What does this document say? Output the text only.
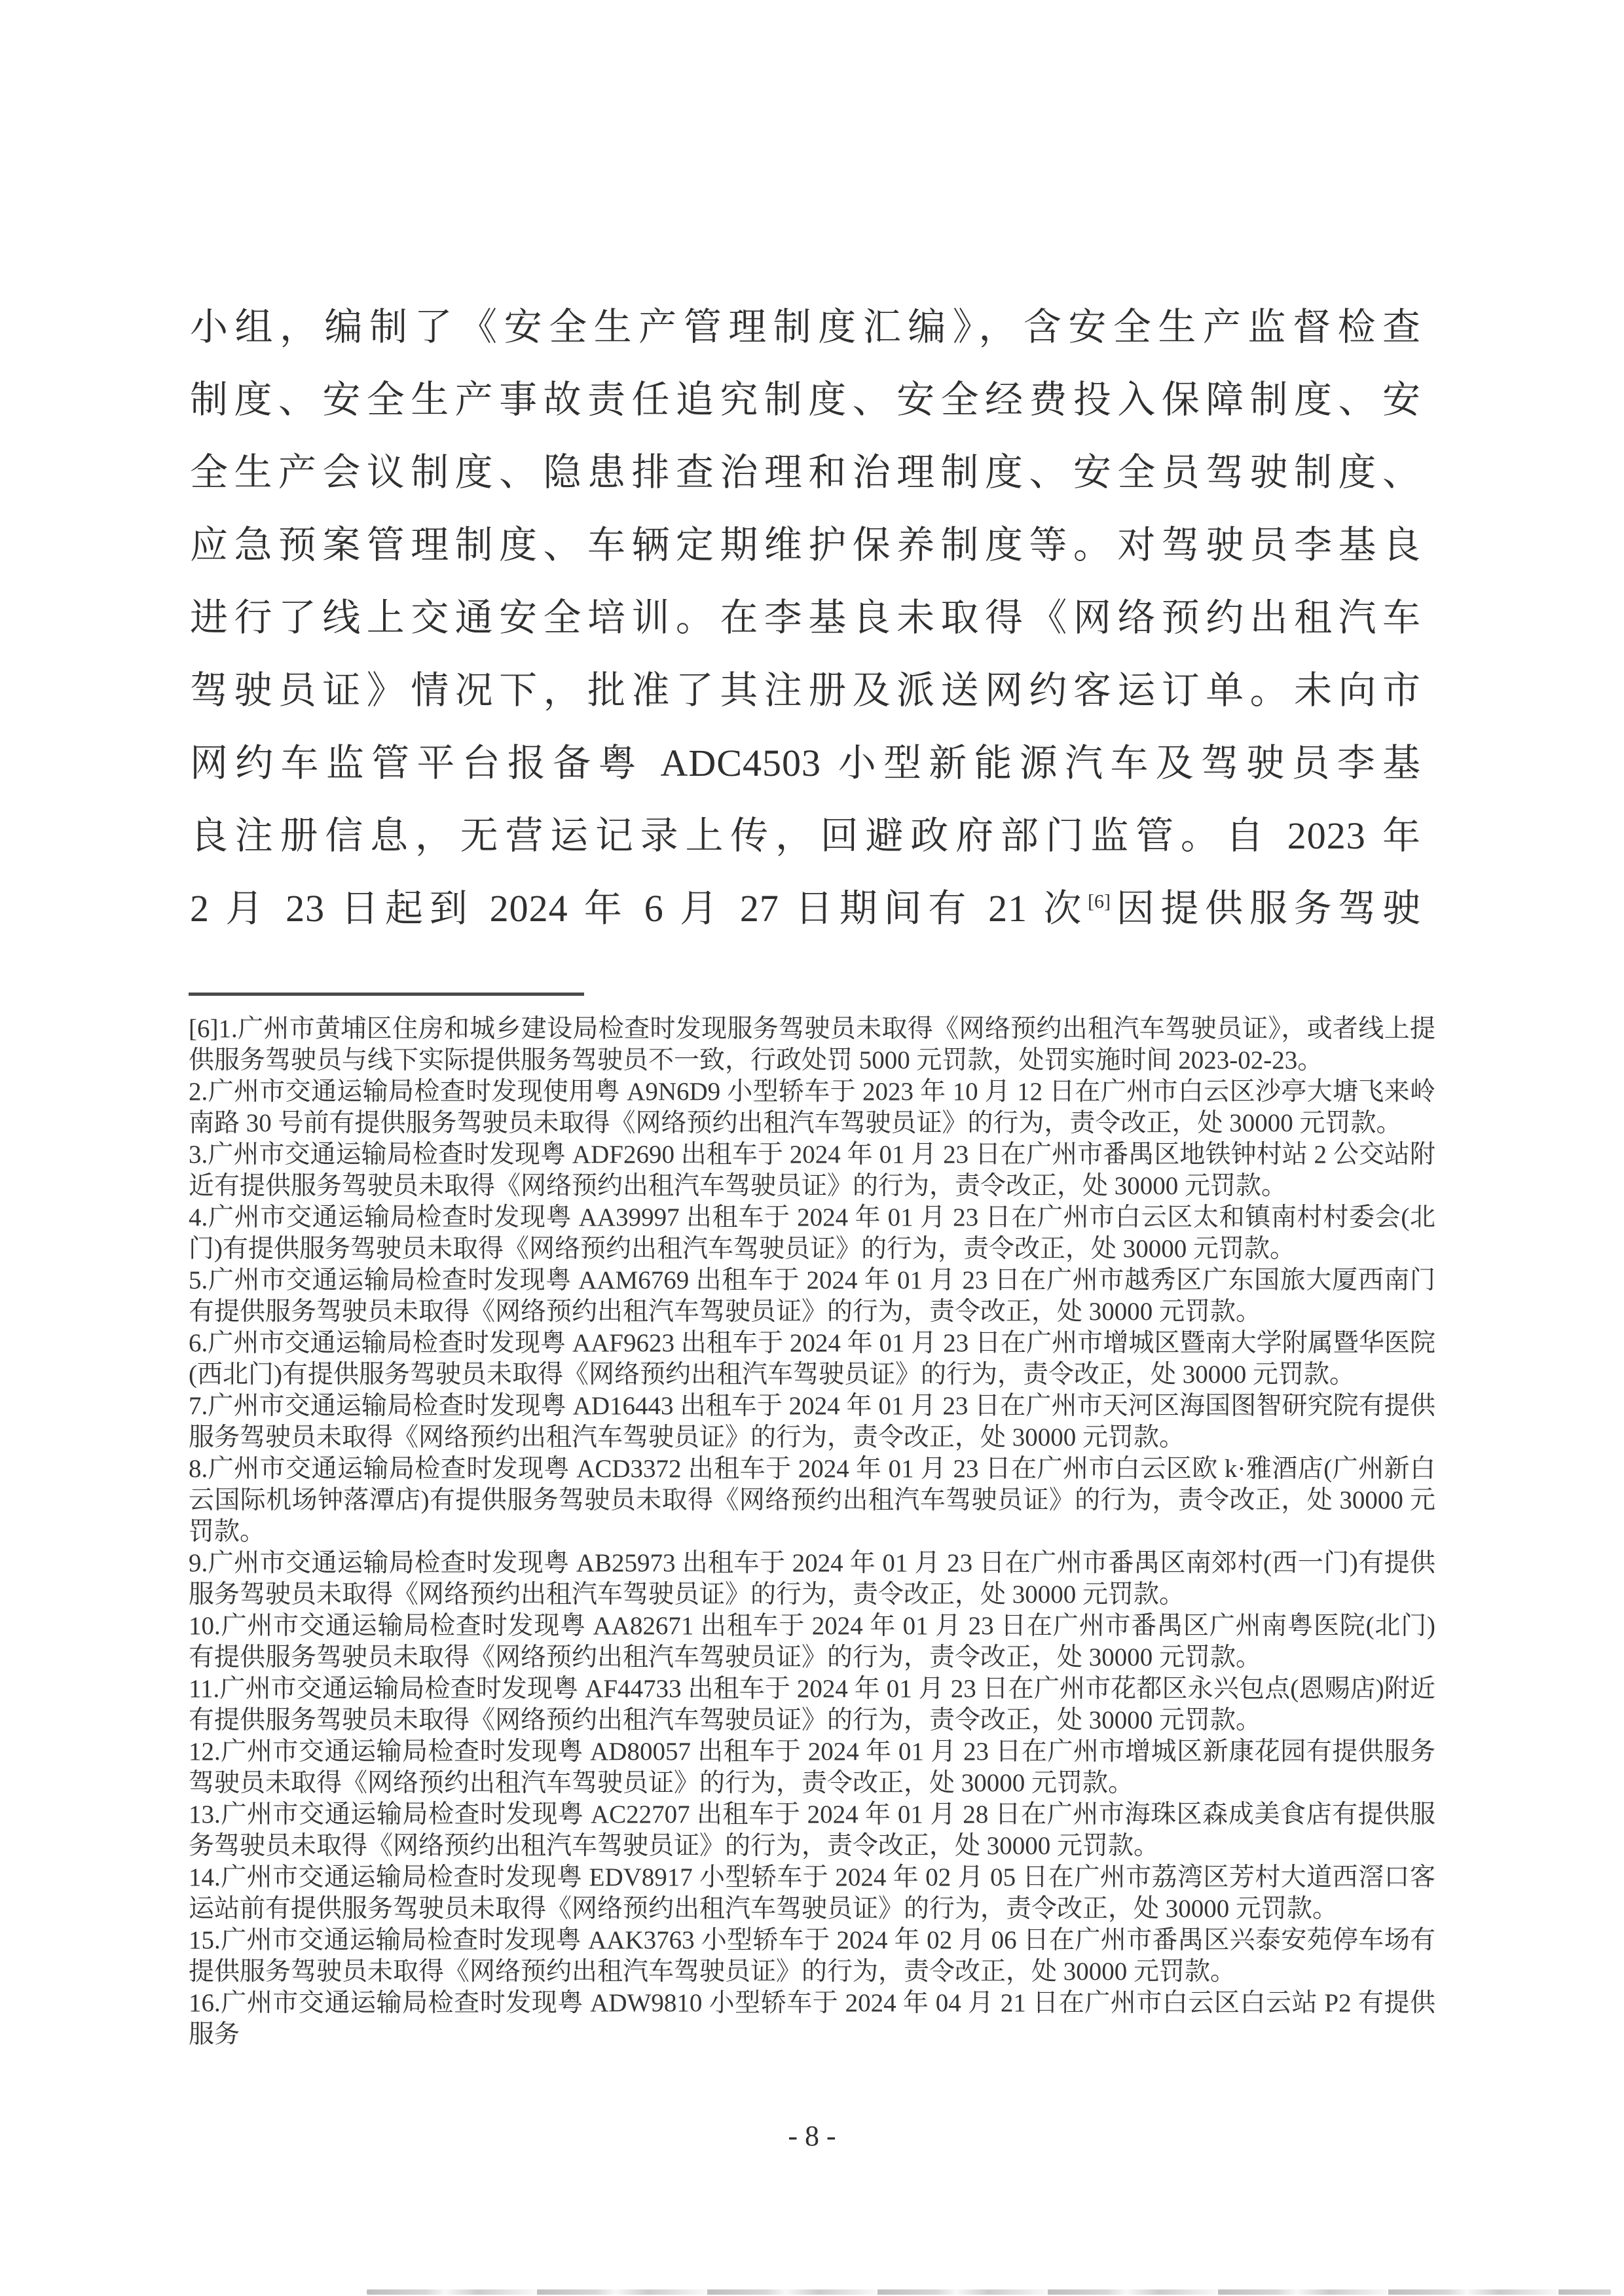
小组，编制了《安全生产管理制度汇编》，含安全生产监督检查
制度、安全生产事故责任追究制度、安全经费投入保障制度、安
全生产会议制度、隐患排查治理和治理制度、安全员驾驶制度、
应急预案管理制度、车辆定期维护保养制度等。对驾驶员李基良
进行了线上交通安全培训。在李基良未取得《网络预约出租汽车
驾驶员证》情况下，批准了其注册及派送网约客运订单。未向市
网约车监管平台报备粤 ADC4503 小型新能源汽车及驾驶员李基
良注册信息，无营运记录上传，回避政府部门监管。自 2023 年
2 月 23 日起到 2024 年 6 月 27 日期间有 21 次[6]因提供服务驾驶

[6]1.广州市黄埔区住房和城乡建设局检查时发现服务驾驶员未取得《网络预约出租汽车驾驶员证》，或者线上提供服务驾驶员与线下实际提供服务驾驶员不一致，行政处罚 5000 元罚款，处罚实施时间 2023-02-23。

2.广州市交通运输局检查时发现使用粤 A9N6D9 小型轿车于 2023 年 10 月 12 日在广州市白云区沙亭大塘飞来岭南路 30 号前有提供服务驾驶员未取得《网络预约出租汽车驾驶员证》的行为，责令改正，处 30000 元罚款。

3.广州市交通运输局检查时发现粤 ADF2690 出租车于 2024 年 01 月 23 日在广州市番禺区地铁钟村站 2 公交站附近有提供服务驾驶员未取得《网络预约出租汽车驾驶员证》的行为，责令改正，处 30000 元罚款。

4.广州市交通运输局检查时发现粤 AA39997 出租车于 2024 年 01 月 23 日在广州市白云区太和镇南村村委会(北门)有提供服务驾驶员未取得《网络预约出租汽车驾驶员证》的行为，责令改正，处 30000 元罚款。

5.广州市交通运输局检查时发现粤 AAM6769 出租车于 2024 年 01 月 23 日在广州市越秀区广东国旅大厦西南门有提供服务驾驶员未取得《网络预约出租汽车驾驶员证》的行为，责令改正，处 30000 元罚款。

6.广州市交通运输局检查时发现粤 AAF9623 出租车于 2024 年 01 月 23 日在广州市增城区暨南大学附属暨华医院(西北门)有提供服务驾驶员未取得《网络预约出租汽车驾驶员证》的行为，责令改正，处 30000 元罚款。

7.广州市交通运输局检查时发现粤 AD16443 出租车于 2024 年 01 月 23 日在广州市天河区海国图智研究院有提供服务驾驶员未取得《网络预约出租汽车驾驶员证》的行为，责令改正，处 30000 元罚款。

8.广州市交通运输局检查时发现粤 ACD3372 出租车于 2024 年 01 月 23 日在广州市白云区欧 k·雅酒店(广州新白云国际机场钟落潭店)有提供服务驾驶员未取得《网络预约出租汽车驾驶员证》的行为，责令改正，处 30000 元罚款。

9.广州市交通运输局检查时发现粤 AB25973 出租车于 2024 年 01 月 23 日在广州市番禺区南郊村(西一门)有提供服务驾驶员未取得《网络预约出租汽车驾驶员证》的行为，责令改正，处 30000 元罚款。

10.广州市交通运输局检查时发现粤 AA82671 出租车于 2024 年 01 月 23 日在广州市番禺区广州南粤医院(北门)有提供服务驾驶员未取得《网络预约出租汽车驾驶员证》的行为，责令改正，处 30000 元罚款。

11.广州市交通运输局检查时发现粤 AF44733 出租车于 2024 年 01 月 23 日在广州市花都区永兴包点(恩赐店)附近有提供服务驾驶员未取得《网络预约出租汽车驾驶员证》的行为，责令改正，处 30000 元罚款。

12.广州市交通运输局检查时发现粤 AD80057 出租车于 2024 年 01 月 23 日在广州市增城区新康花园有提供服务驾驶员未取得《网络预约出租汽车驾驶员证》的行为，责令改正，处 30000 元罚款。

13.广州市交通运输局检查时发现粤 AC22707 出租车于 2024 年 01 月 28 日在广州市海珠区森成美食店有提供服务驾驶员未取得《网络预约出租汽车驾驶员证》的行为，责令改正，处 30000 元罚款。

14.广州市交通运输局检查时发现粤 EDV8917 小型轿车于 2024 年 02 月 05 日在广州市荔湾区芳村大道西滘口客运站前有提供服务驾驶员未取得《网络预约出租汽车驾驶员证》的行为，责令改正，处 30000 元罚款。

15.广州市交通运输局检查时发现粤 AAK3763 小型轿车于 2024 年 02 月 06 日在广州市番禺区兴泰安苑停车场有提供服务驾驶员未取得《网络预约出租汽车驾驶员证》的行为，责令改正，处 30000 元罚款。

16.广州市交通运输局检查时发现粤 ADW9810 小型轿车于 2024 年 04 月 21 日在广州市白云区白云站 P2 有提供服务

- 8 -
